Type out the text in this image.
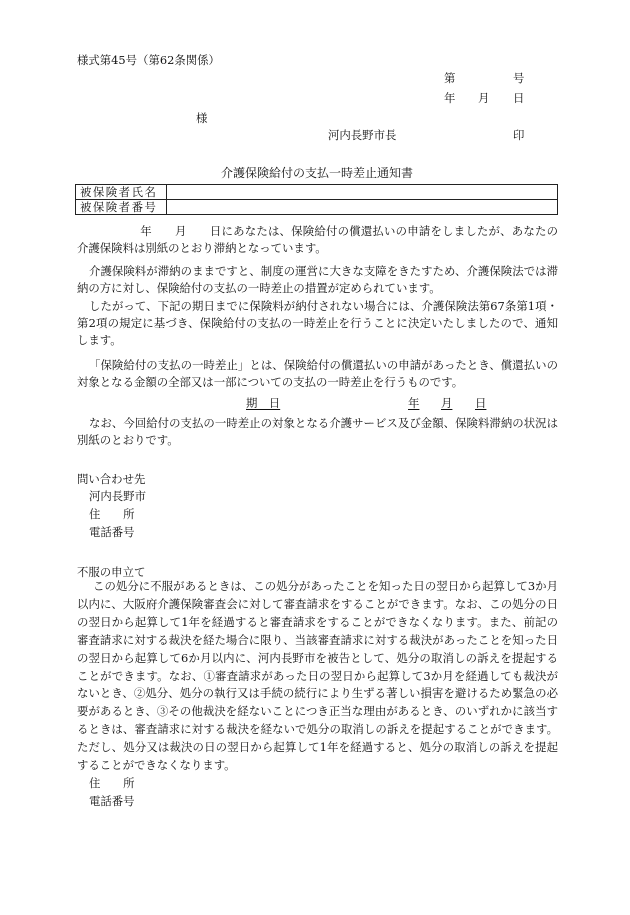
様式第45号（第62条関係）
第	号
年 月 日
様
河内長野市長	印
介護保険給付の支払一時差止通知書
被保険者氏名	
被保険者番号	
　　年　　月　　日にあなたは、保険給付の償還払いの申請をしましたが、あなたの介護保険料は別紙のとおり滞納となっています。
介護保険料が滞納のままですと、制度の運営に大きな支障をきたすため、介護保険法では滞納の方に対し、保険給付の支払の一時差止の措置が定められています。
したがって、下記の期日までに保険料が納付されない場合には、介護保険法第67条第1項・第2項の規定に基づき、保険給付の支払の一時差止を行うことに決定いたしましたので、通知します。
「保険給付の支払の一時差止」とは、保険給付の償還払いの申請があったとき、償還払いの対象となる金額の全部又は一部についての支払の一時差止を行うものです。
期　日	年 月 日
なお、今回給付の支払の一時差止の対象となる介護サービス及び金額、保険料滞納の状況は別紙のとおりです。
問い合わせ先
河内長野市
住　　所
電話番号
不服の申立て

この処分に不服があるときは、この処分があったことを知った日の翌日から起算して3か月以内に、大阪府介護保険審査会に対して審査請求をすることができます。なお、この処分の日の翌日から起算して1年を経過すると審査請求をすることができなくなります。また、前記の審査請求に対する裁決を経た場合に限り、当該審査請求に対する裁決があったことを知った日の翌日から起算して6か月以内に、河内長野市を被告として、処分の取消しの訴えを提起することができます。なお、①審査請求があった日の翌日から起算して3か月を経過しても裁決がないとき、②処分、処分の執行又は手続の続行により生ずる著しい損害を避けるため緊急の必要があるとき、③その他裁決を経ないことにつき正当な理由があるとき、のいずれかに該当するときは、審査請求に対する裁決を経ないで処分の取消しの訴えを提起することができます。ただし、処分又は裁決の日の翌日から起算して1年を経過すると、処分の取消しの訴えを提起することができなくなります。

住　　所
電話番号
